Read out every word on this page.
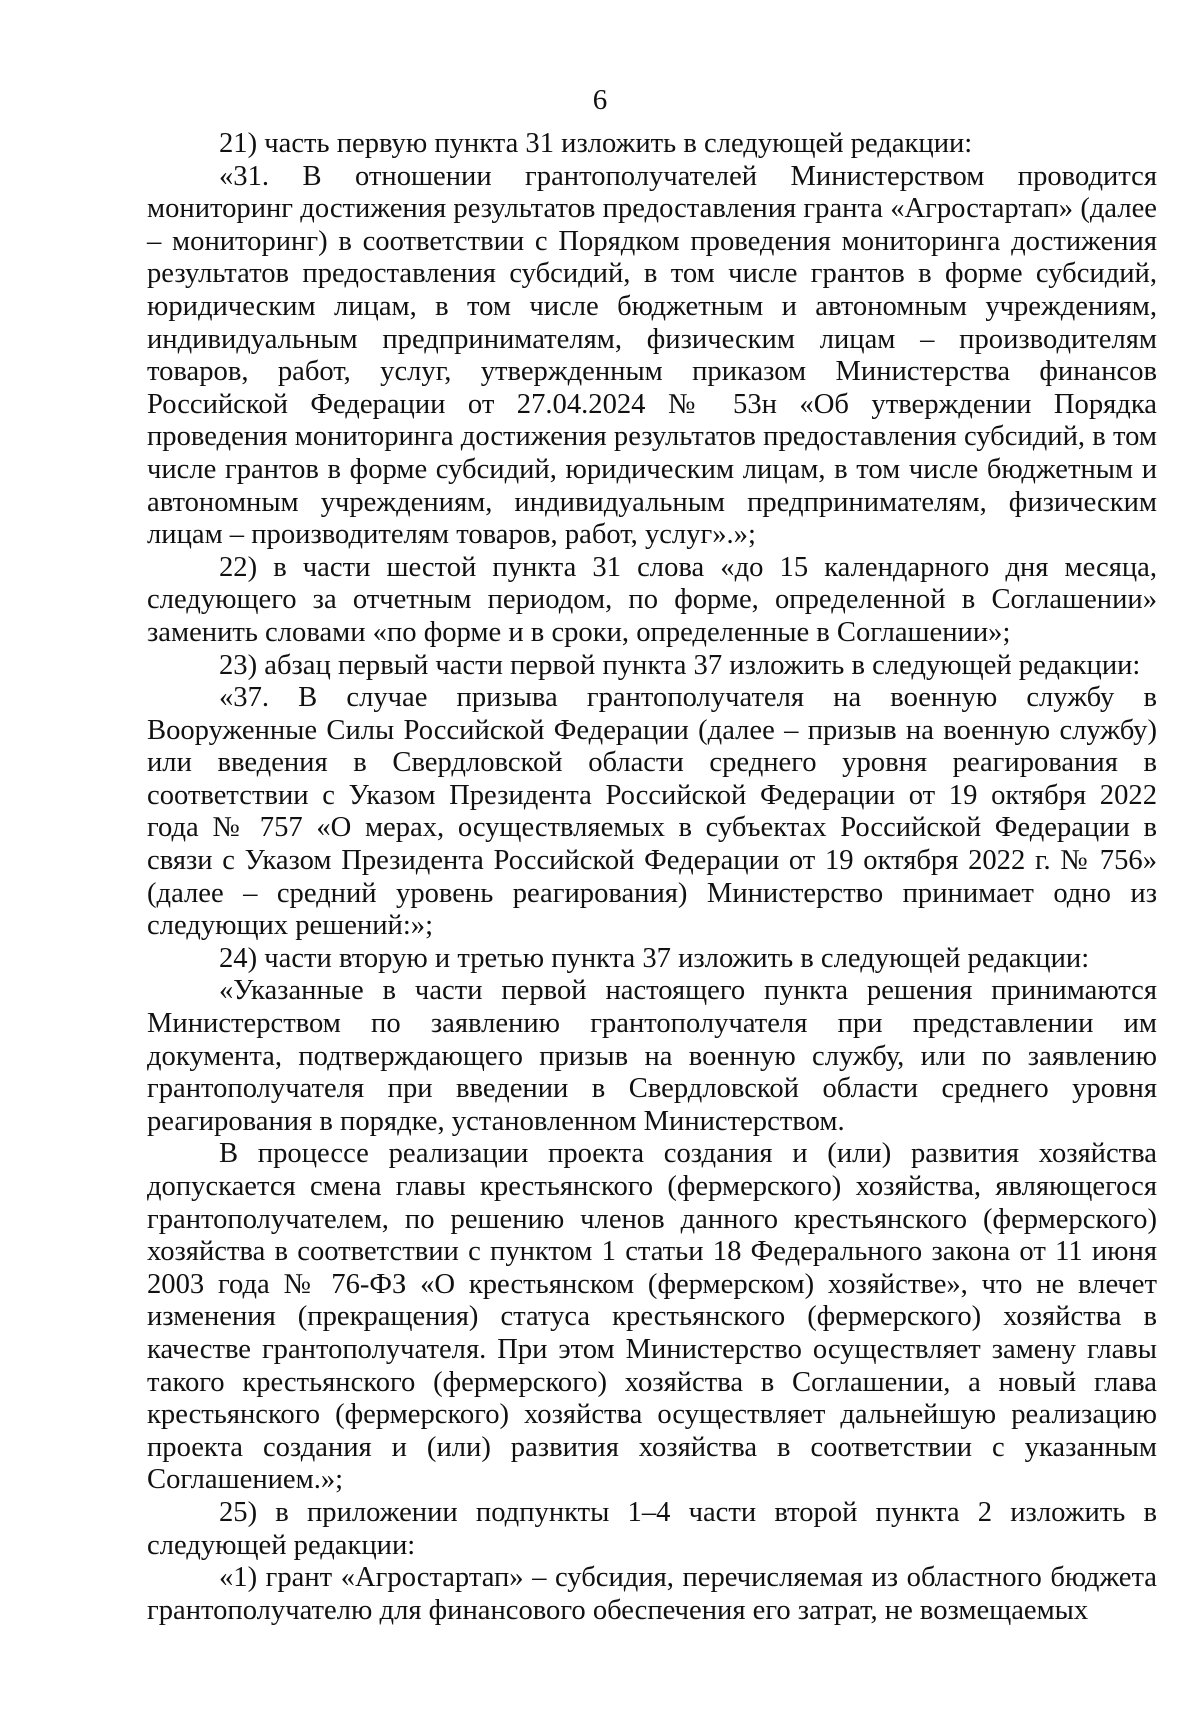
6

21) часть первую пункта 31 изложить в следующей редакции:

«31. В отношении грантополучателей Министерством проводится мониторинг достижения результатов предоставления гранта «Агростартап» (далее – мониторинг) в соответствии с Порядком проведения мониторинга достижения результатов предоставления субсидий, в том числе грантов в форме субсидий, юридическим лицам, в том числе бюджетным и автономным учреждениям, индивидуальным предпринимателям, физическим лицам – производителям товаров, работ, услуг, утвержденным приказом Министерства финансов Российской Федерации от 27.04.2024 № 53н «Об утверждении Порядка проведения мониторинга достижения результатов предоставления субсидий, в том числе грантов в форме субсидий, юридическим лицам, в том числе бюджетным и автономным учреждениям, индивидуальным предпринимателям, физическим лицам – производителям товаров, работ, услуг».»;

22) в части шестой пункта 31 слова «до 15 календарного дня месяца, следующего за отчетным периодом, по форме, определенной в Соглашении» заменить словами «по форме и в сроки, определенные в Соглашении»;

23) абзац первый части первой пункта 37 изложить в следующей редакции:

«37. В случае призыва грантополучателя на военную службу в Вооруженные Силы Российской Федерации (далее – призыв на военную службу) или введения в Свердловской области среднего уровня реагирования в соответствии с Указом Президента Российской Федерации от 19 октября 2022 года № 757 «О мерах, осуществляемых в субъектах Российской Федерации в связи с Указом Президента Российской Федерации от 19 октября 2022 г. № 756» (далее – средний уровень реагирования) Министерство принимает одно из следующих решений:»;

24) части вторую и третью пункта 37 изложить в следующей редакции:

«Указанные в части первой настоящего пункта решения принимаются Министерством по заявлению грантополучателя при представлении им документа, подтверждающего призыв на военную службу, или по заявлению грантополучателя при введении в Свердловской области среднего уровня реагирования в порядке, установленном Министерством.

В процессе реализации проекта создания и (или) развития хозяйства допускается смена главы крестьянского (фермерского) хозяйства, являющегося грантополучателем, по решению членов данного крестьянского (фермерского) хозяйства в соответствии с пунктом 1 статьи 18 Федерального закона от 11 июня 2003 года № 76-ФЗ «О крестьянском (фермерском) хозяйстве», что не влечет изменения (прекращения) статуса крестьянского (фермерского) хозяйства в качестве грантополучателя. При этом Министерство осуществляет замену главы такого крестьянского (фермерского) хозяйства в Соглашении, а новый глава крестьянского (фермерского) хозяйства осуществляет дальнейшую реализацию проекта создания и (или) развития хозяйства в соответствии с указанным Соглашением.»;

25) в приложении подпункты 1–4 части второй пункта 2 изложить в следующей редакции:

«1) грант «Агростартап» – субсидия, перечисляемая из областного бюджета грантополучателю для финансового обеспечения его затрат, не возмещаемых
